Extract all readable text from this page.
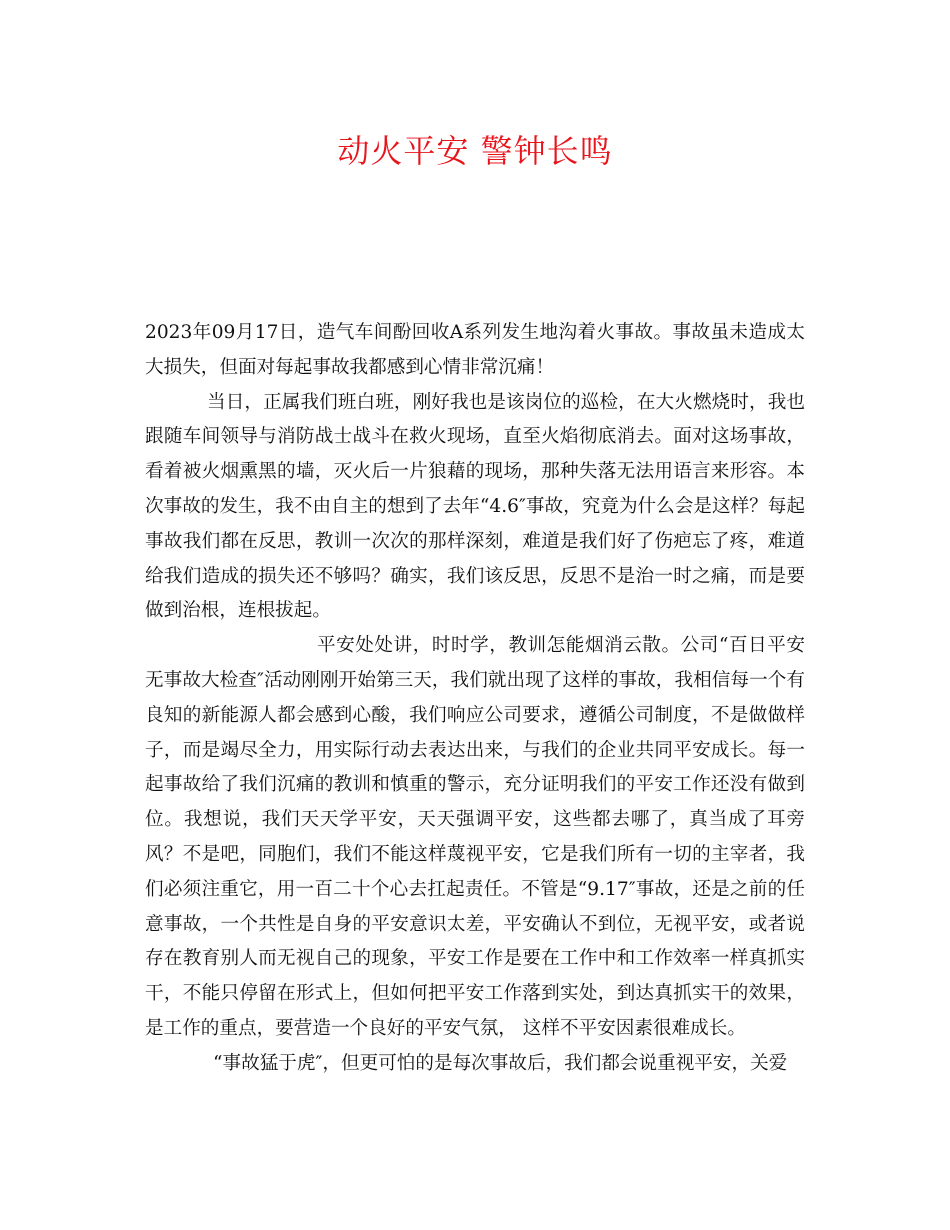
动火平安 警钟长鸣

2023年09月17日，造气车间酚回收A系列发生地沟着火事故。事故虽未造成太大损失，但面对每起事故我都感到心情非常沉痛！

当日，正属我们班白班，刚好我也是该岗位的巡检，在大火燃烧时，我也跟随车间领导与消防战士战斗在救火现场，直至火焰彻底消去。面对这场事故，看着被火烟熏黑的墙，灭火后一片狼藉的现场，那种失落无法用语言来形容。本次事故的发生，我不由自主的想到了去年“4.6″事故，究竟为什么会是这样？每起事故我们都在反思，教训一次次的那样深刻，难道是我们好了伤疤忘了疼，难道给我们造成的损失还不够吗？确实，我们该反思，反思不是治一时之痛，而是要做到治根，连根拔起。

平安处处讲，时时学，教训怎能烟消云散。公司“百日平安无事故大检查″活动刚刚开始第三天，我们就出现了这样的事故，我相信每一个有良知的新能源人都会感到心酸，我们响应公司要求，遵循公司制度，不是做做样子，而是竭尽全力，用实际行动去表达出来，与我们的企业共同平安成长。每一起事故给了我们沉痛的教训和慎重的警示，充分证明我们的平安工作还没有做到位。我想说，我们天天学平安，天天强调平安，这些都去哪了，真当成了耳旁风？不是吧，同胞们，我们不能这样蔑视平安，它是我们所有一切的主宰者，我们必须注重它，用一百二十个心去扛起责任。不管是“9.17″事故，还是之前的任意事故，一个共性是自身的平安意识太差，平安确认不到位，无视平安，或者说存在教育别人而无视自己的现象，平安工作是要在工作中和工作效率一样真抓实干，不能只停留在形式上，但如何把平安工作落到实处，到达真抓实干的效果，是工作的重点，要营造一个良好的平安气氛， 这样不平安因素很难成长。

“事故猛于虎″，但更可怕的是每次事故后，我们都会说重视平安，关爱
